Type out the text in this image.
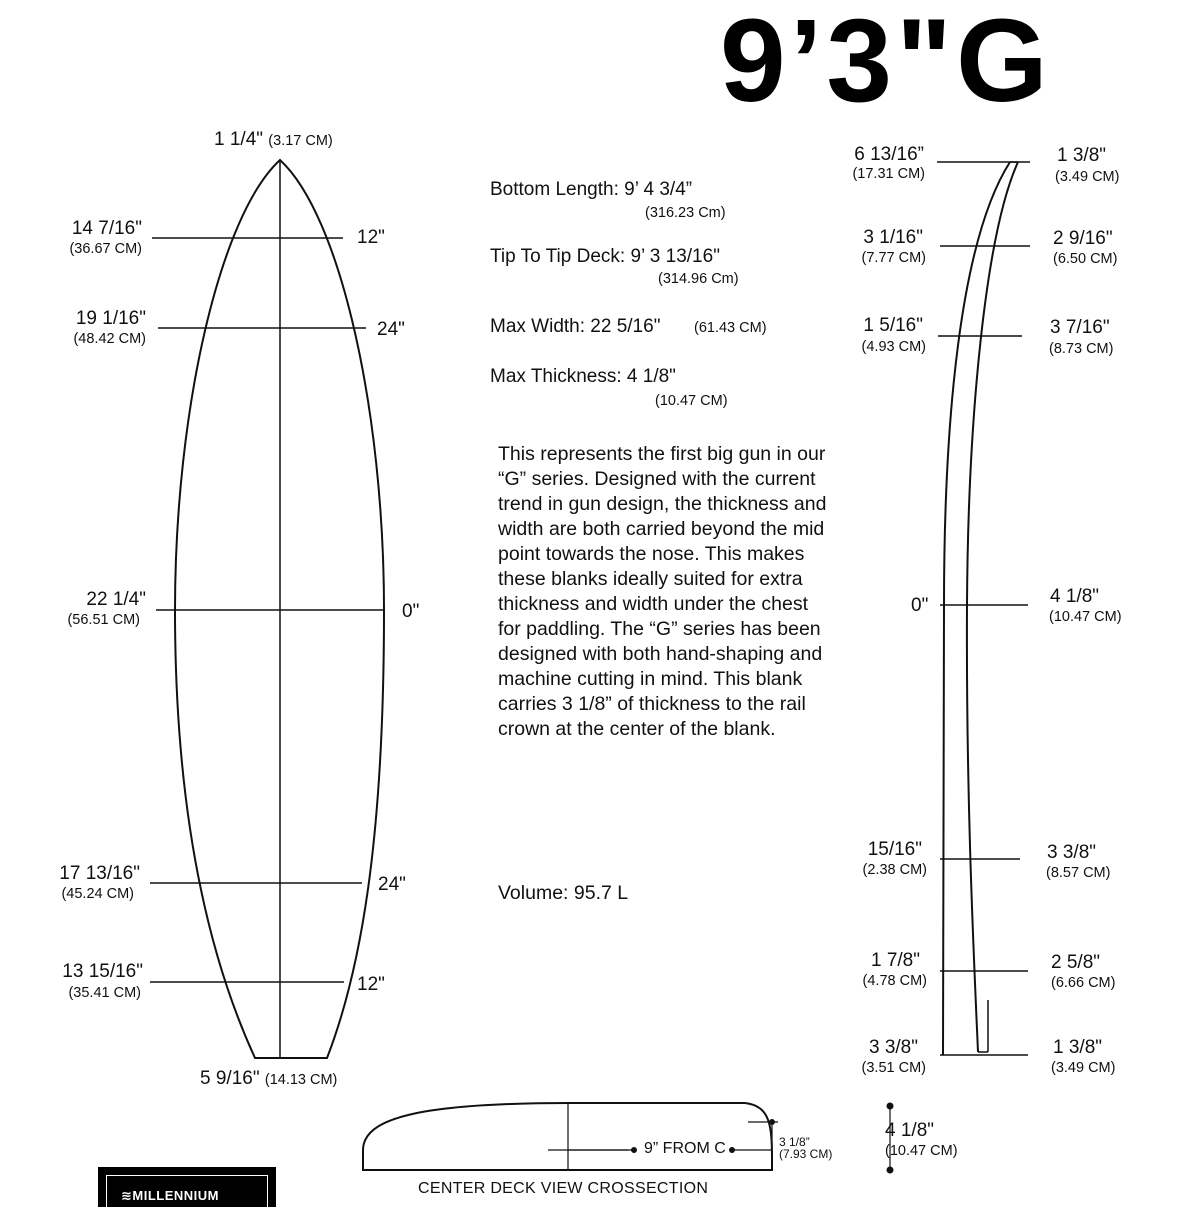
9’3"G
1 1/4" (3.17 CM)
14 7/16"
(36.67 CM)
12"
19 1/16"
(48.42 CM)	24"
22 1/4"
(56.51 CM)	0"
17 13/16"
(45.24 CM)	24"
13 15/16"
(35.41 CM)	12"
5 9/16" (14.13 CM)
Bottom Length: 9’ 4 3/4”
(316.23 Cm)
Tip To Tip Deck: 9’ 3 13/16"
(314.96 Cm)
Max Width: 22 5/16" (61.43 CM)
Max Thickness: 4 1/8"
(10.47 CM)
This represents the first big gun in our “G” series. Designed with the current trend in gun design, the thickness and width are both carried beyond the mid point towards the nose. This makes these blanks ideally suited for extra thickness and width under the chest for paddling. The “G” series has been designed with both hand-shaping and machine cutting in mind. This blank carries 3 1/8” of thickness to the rail crown at the center of the blank.
Volume: 95.7 L
6 13/16”
(17.31 CM)
3 1/16"
(7.77 CM)
1 5/16"
(4.93 CM)
0"
15/16"
(2.38 CM)
1 7/8"
(4.78 CM)
3 3/8"
(3.51 CM)
1 3/8"
(3.49 CM)
2 9/16"
(6.50 CM)
3 7/16"
(8.73 CM)
4 1/8"
(10.47 CM)
3 3/8"
(8.57 CM)
2 5/8"
(6.66 CM)
1 3/8"
(3.49 CM)
9” FROM C	3 1/8”
(7.93 CM)
4 1/8"
(10.47 CM)
CENTER DECK VIEW CROSSECTION
≋MILLENNIUM
